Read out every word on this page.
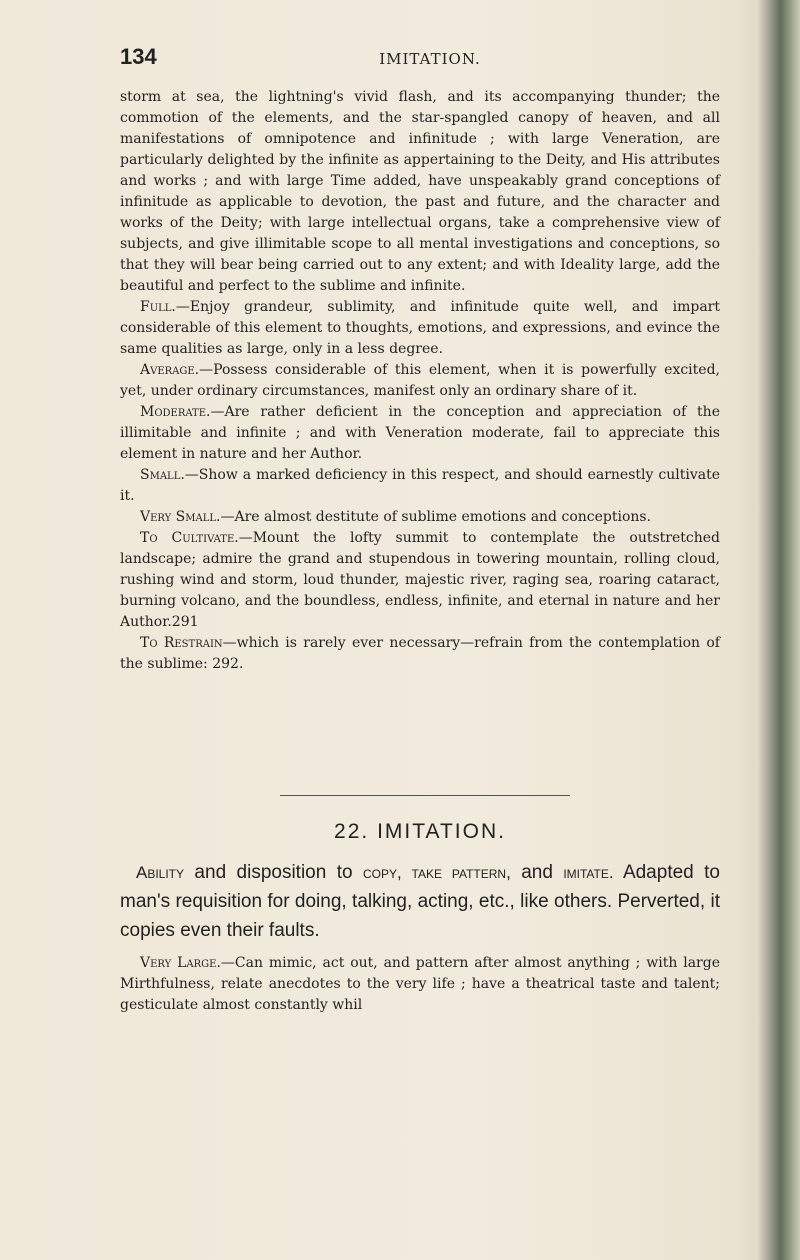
134	IMITATION.

storm at sea, the lightning's vivid flash, and its accompanying thunder; the commotion of the elements, and the star-spangled canopy of heaven, and all manifestations of omnipotence and infinitude ; with large Veneration, are particularly delighted by the infinite as appertaining to the Deity, and His attributes and works ; and with large Time added, have unspeakably grand conceptions of infinitude as applicable to devotion, the past and future, and the character and works of the Deity; with large intellectual organs, take a comprehensive view of subjects, and give illimitable scope to all mental investigations and conceptions, so that they will bear being carried out to any extent; and with Ideality large, add the beautiful and perfect to the sublime and infinite.

Full.—Enjoy grandeur, sublimity, and infinitude quite well, and impart considerable of this element to thoughts, emotions, and expressions, and evince the same qualities as large, only in a less degree.

Average.—Possess considerable of this element, when it is powerfully excited, yet, under ordinary circumstances, manifest only an ordinary share of it.

Moderate.—Are rather deficient in the conception and appreciation of the illimitable and infinite ; and with Veneration moderate, fail to appreciate this element in nature and her Author.

Small.—Show a marked deficiency in this respect, and should earnestly cultivate it.

Very Small.—Are almost destitute of sublime emotions and conceptions.

To Cultivate.—Mount the lofty summit to contemplate the outstretched landscape; admire the grand and stupendous in towering mountain, rolling cloud, rushing wind and storm, loud thunder, majestic river, raging sea, roaring cataract, burning volcano, and the boundless, endless, infinite, and eternal in nature and her Author.291

To Restrain—which is rarely ever necessary—refrain from the contemplation of the sublime: 292.

22. IMITATION.

Ability and disposition to copy, take pattern, and imitate. Adapted to man's requisition for doing, talking, acting, etc., like others. Perverted, it copies even their faults.

Very Large.—Can mimic, act out, and pattern after almost anything ; with large Mirthfulness, relate anecdotes to the very life ; have a theatrical taste and talent; gesticulate almost constantly whil
